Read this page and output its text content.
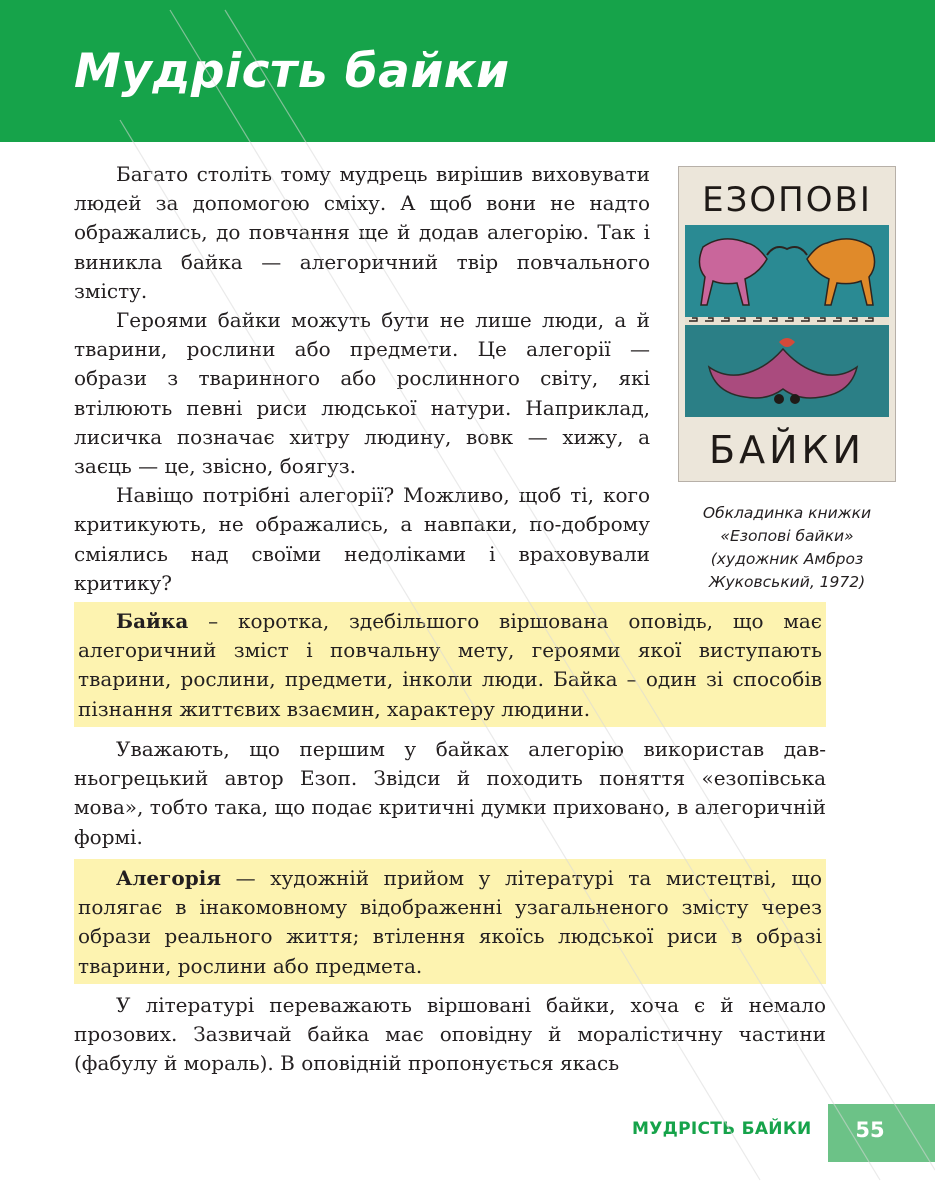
Мудрість байки

Багато століть тому мудрець вирішив виховувати людей за допомогою сміху. А щоб вони не надто ображались, до повчання ще й додав алегорію. Так і виникла байка — алегоричний твір повчального змісту.

Героями байки можуть бути не лише люди, а й тварини, рослини або предмети. Це алегорії — образи з тваринного або рослинного світу, які втілюють певні риси людської натури. Наприклад, лисичка позначає хитру людину, вовк — хижу, а заєць — це, звісно, боягуз.

Навіщо потрібні алегорії? Можливо, щоб ті, кого критикують, не ображались, а навпаки, по-доброму сміялись над своїми недоліками і враховували критику?

ЕЗОПОВІ
БАЙКИ
Обкладинка книжки
«Езопові байки»
(художник Амброз
Жуковський, 1972)

Байка – коротка, здебільшого віршована оповідь, що має алегоричний зміст і повчальну мету, героями якої виступають тварини, рослини, предмети, інколи люди. Байка – один зі способів пізнання життєвих взаємин, характеру людини.

Уважають, що першим у байках алегорію використав давньогрецький автор Езоп. Звідси й походить поняття «езопівська мова», тобто така, що подає критичні думки приховано, в алегоричній формі.

Алегорія — художній прийом у літературі та мистецтві, що полягає в інакомовному відображенні узагальненого змісту через образи реального життя; втілення якоїсь людської риси в образі тварини, рослини або предмета.

У літературі переважають віршовані байки, хоча є й немало прозових. Зазвичай байка має оповідну й моралістичну частини (фабулу й мораль). В оповідній пропонується якась

МУДРІСТЬ БАЙКИ	55
